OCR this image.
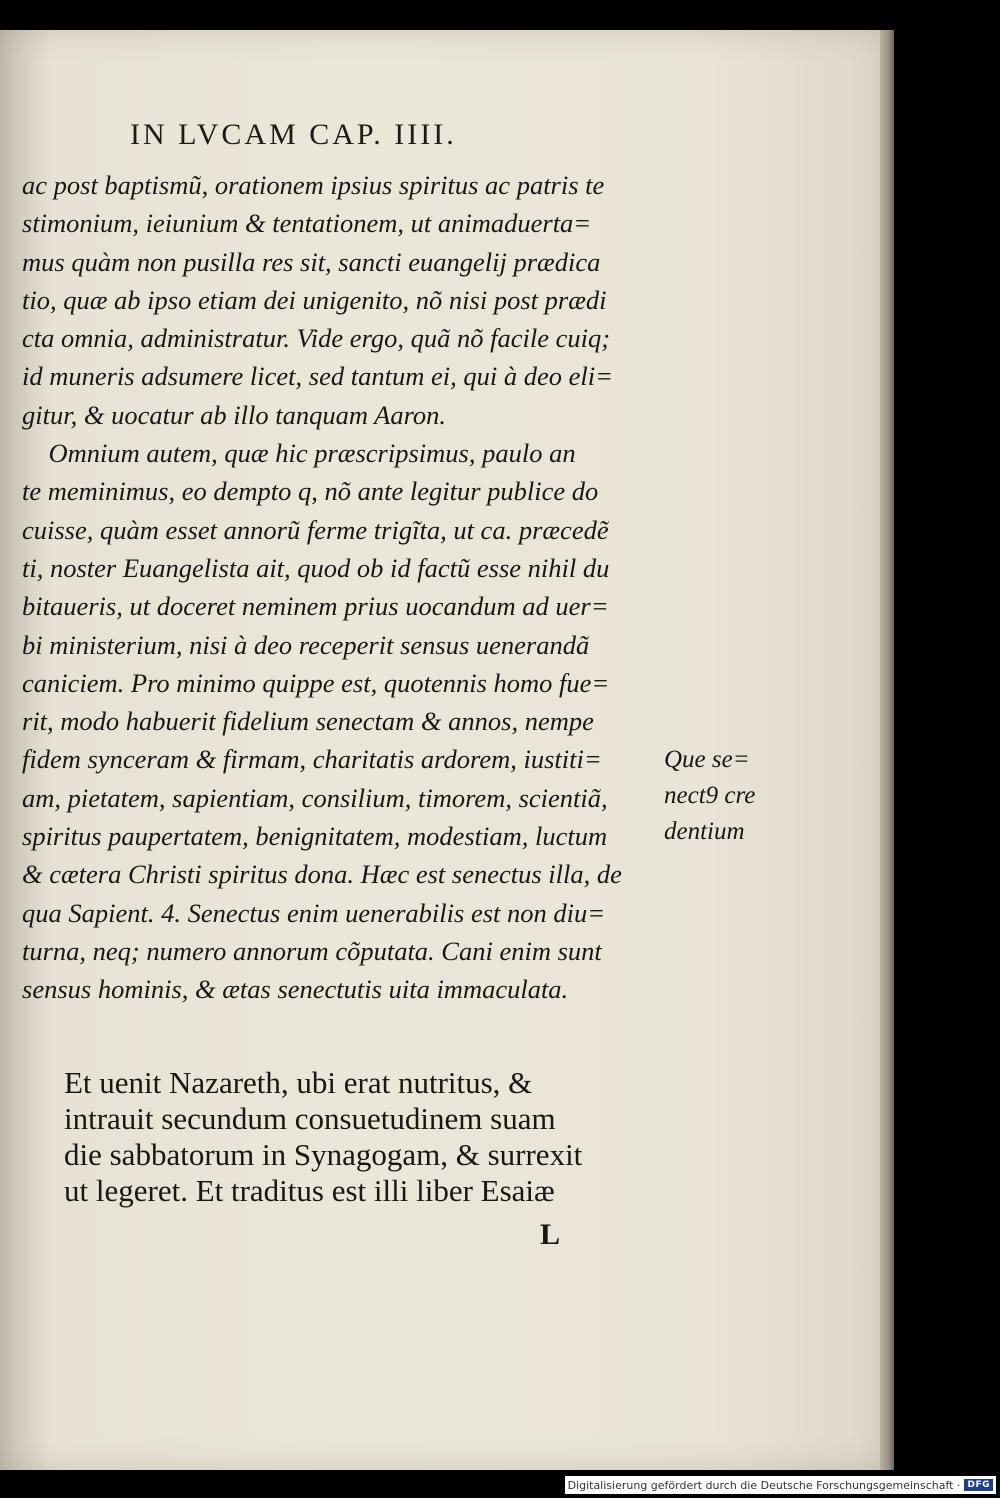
IN LVCAM CAP. IIII.
ac post baptismũ, orationem ipsius spiritus ac patris te
stimonium, ieiunium & tentationem, ut animaduerta=
mus quàm non pusilla res sit, sancti euangelij prædica
tio, quæ ab ipso etiam dei unigenito, nõ nisi post prædi
cta omnia, administratur. Vide ergo, quã nõ facile cuiq;
id muneris adsumere licet, sed tantum ei, qui à deo eli=
gitur, & uocatur ab illo tanquam Aaron.
Omnium autem, quæ hic præscripsimus, paulo an
te meminimus, eo dempto q, nõ ante legitur publice do
cuisse, quàm esset annorũ ferme trigĩta, ut ca. præcedẽ
ti, noster Euangelista ait, quod ob id factũ esse nihil du
bitaueris, ut doceret neminem prius uocandum ad uer=
bi ministerium, nisi à deo receperit sensus uenerandã
caniciem. Pro minimo quippe est, quotennis homo fue=
rit, modo habuerit fidelium senectam & annos, nempe
fidem synceram & firmam, charitatis ardorem, iustiti=
am, pietatem, sapientiam, consilium, timorem, scientiã,
spiritus paupertatem, benignitatem, modestiam, luctum
& cætera Christi spiritus dona. Hæc est senectus illa, de
qua Sapient. 4. Senectus enim uenerabilis est non diu=
turna, neq; numero annorum cõputata. Cani enim sunt
sensus hominis, & ætas senectutis uita immaculata.
Que se=
nect9 cre
dentium
Et uenit Nazareth, ubi erat nutritus, &
intrauit secundum consuetudinem suam
die sabbatorum in Synagogam, & surrexit
ut legeret. Et traditus est illi liber Esaiæ
L
Digitalisierung gefördert durch die Deutsche Forschungsgemeinschaft · DFG
